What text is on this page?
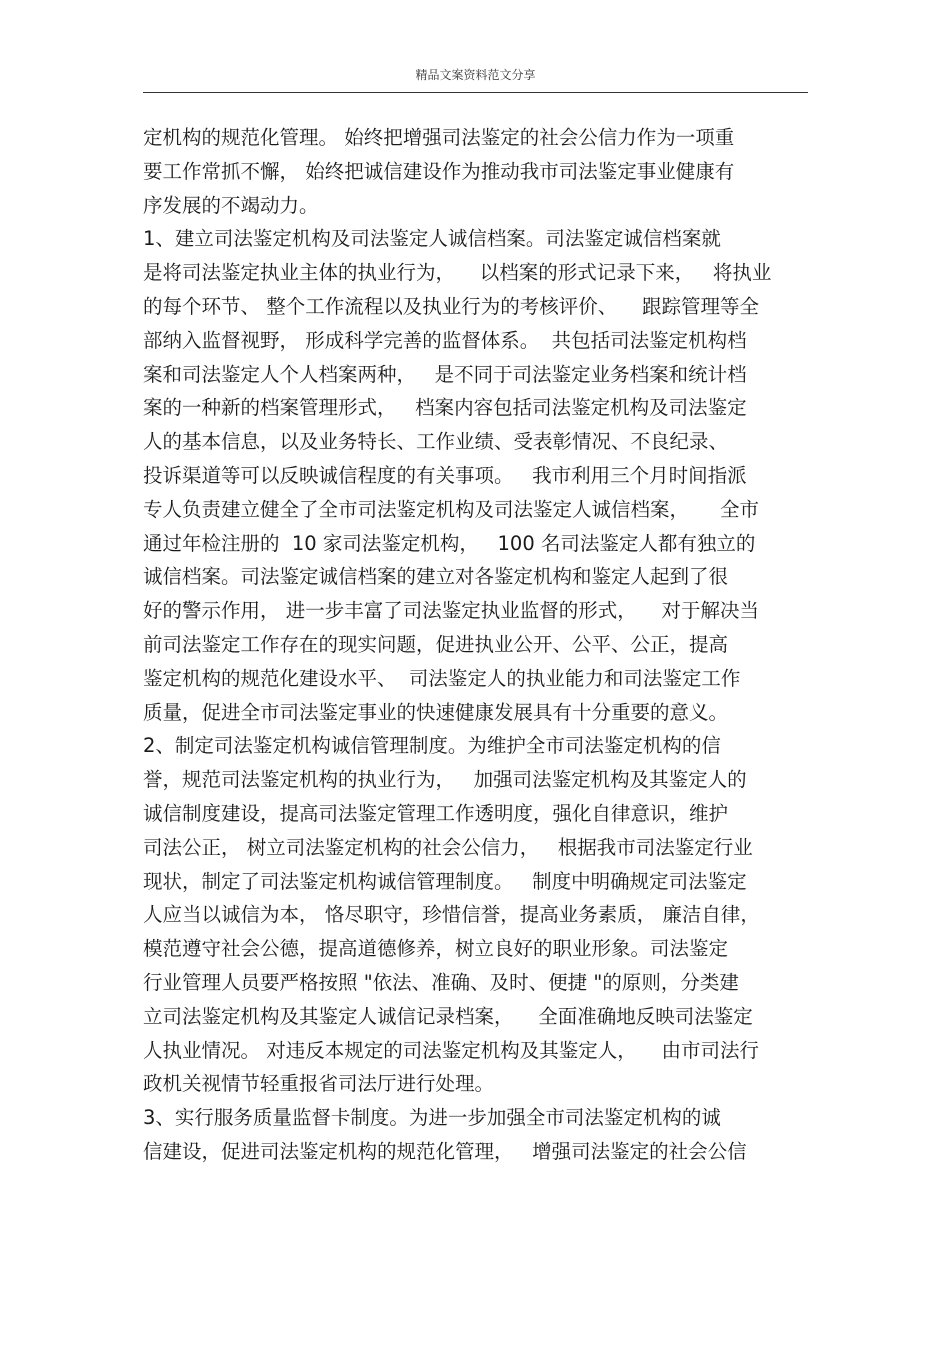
精品文案资料范文分享
定机构的规范化管理。 始终把增强司法鉴定的社会公信力作为一项重
要工作常抓不懈， 始终把诚信建设作为推动我市司法鉴定事业健康有
序发展的不竭动力。
1、建立司法鉴定机构及司法鉴定人诚信档案。司法鉴定诚信档案就
是将司法鉴定执业主体的执业行为，    以档案的形式记录下来，   将执业
的每个环节、 整个工作流程以及执业行为的考核评价、    跟踪管理等全
部纳入监督视野， 形成科学完善的监督体系。  共包括司法鉴定机构档
案和司法鉴定人个人档案两种，   是不同于司法鉴定业务档案和统计档
案的一种新的档案管理形式，   档案内容包括司法鉴定机构及司法鉴定
人的基本信息，以及业务特长、工作业绩、受表彰情况、不良纪录、
投诉渠道等可以反映诚信程度的有关事项。   我市利用三个月时间指派
专人负责建立健全了全市司法鉴定机构及司法鉴定人诚信档案，     全市
通过年检注册的  10 家司法鉴定机构，   100 名司法鉴定人都有独立的
诚信档案。司法鉴定诚信档案的建立对各鉴定机构和鉴定人起到了很
好的警示作用， 进一步丰富了司法鉴定执业监督的形式，    对于解决当
前司法鉴定工作存在的现实问题，促进执业公开、公平、公正，提高
鉴定机构的规范化建设水平、  司法鉴定人的执业能力和司法鉴定工作
质量，促进全市司法鉴定事业的快速健康发展具有十分重要的意义。
2、制定司法鉴定机构诚信管理制度。为维护全市司法鉴定机构的信
誉，规范司法鉴定机构的执业行为，   加强司法鉴定机构及其鉴定人的
诚信制度建设，提高司法鉴定管理工作透明度，强化自律意识，维护
司法公正， 树立司法鉴定机构的社会公信力，   根据我市司法鉴定行业
现状，制定了司法鉴定机构诚信管理制度。   制度中明确规定司法鉴定
人应当以诚信为本， 恪尽职守，珍惜信誉，提高业务素质， 廉洁自律，
模范遵守社会公德，提高道德修养，树立良好的职业形象。司法鉴定
行业管理人员要严格按照 "依法、准确、及时、便捷 "的原则，分类建
立司法鉴定机构及其鉴定人诚信记录档案，    全面准确地反映司法鉴定
人执业情况。 对违反本规定的司法鉴定机构及其鉴定人，    由市司法行
政机关视情节轻重报省司法厅进行处理。
3、实行服务质量监督卡制度。为进一步加强全市司法鉴定机构的诚
信建设，促进司法鉴定机构的规范化管理，   增强司法鉴定的社会公信
